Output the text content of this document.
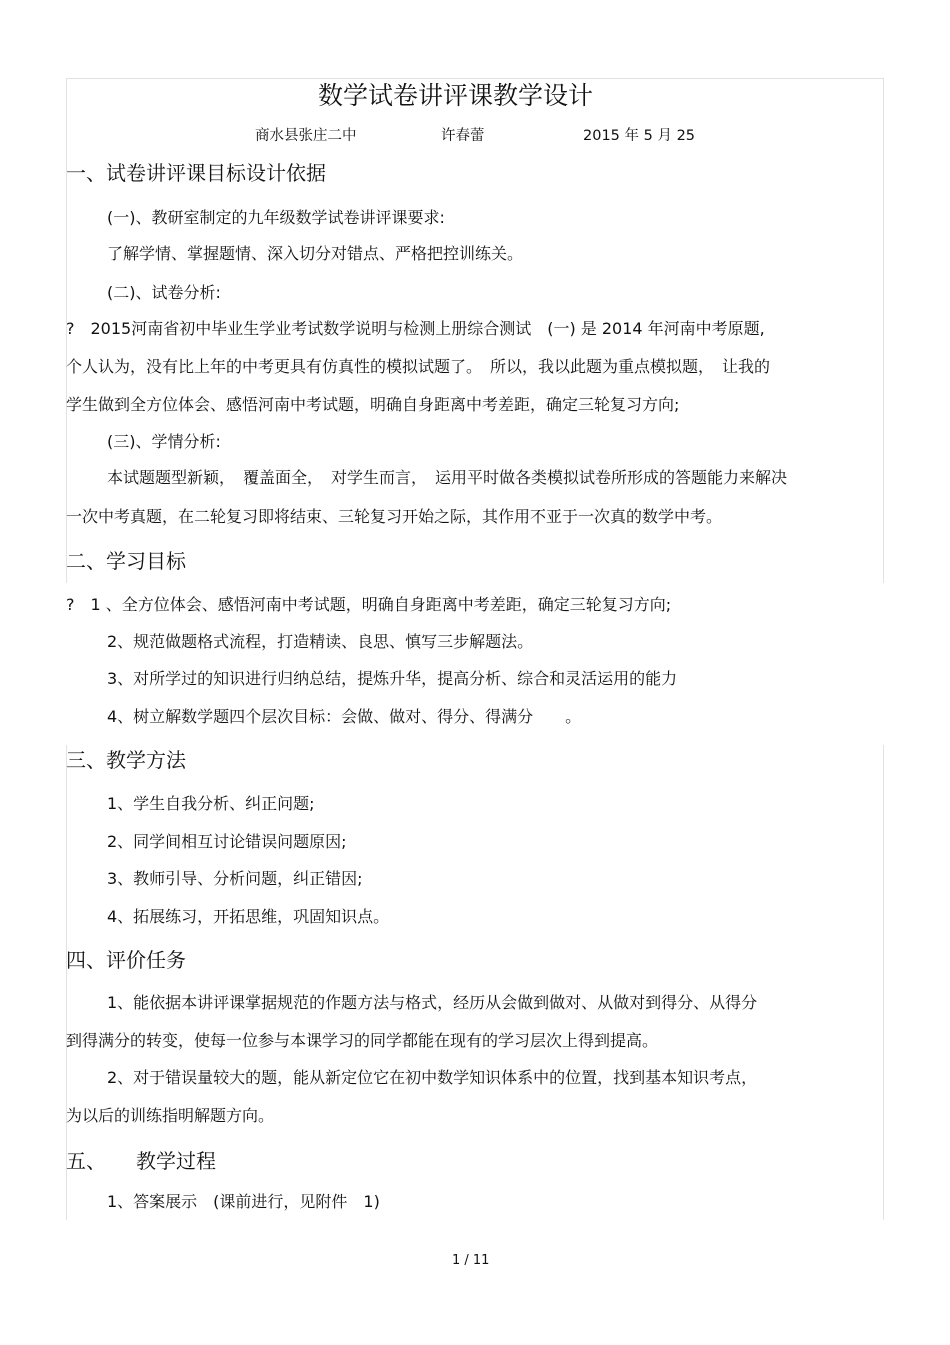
数学试卷讲评课教学设计
商水县张庄二中	许春蕾	2015 年 5 月 25
一、试卷讲评课目标设计依据
(一)、教研室制定的九年级数学试卷讲评课要求:
了解学情、掌握题情、深入切分对错点、严格把控训练关。
(二)、试卷分析:
?　2015河南省初中毕业生学业考试数学说明与检测上册综合测试　(一) 是 2014 年河南中考原题,
个人认为，没有比上年的中考更具有仿真性的模拟试题了。　所以，我以此题为重点模拟题，　让我的
学生做到全方位体会、感悟河南中考试题，明确自身距离中考差距，确定三轮复习方向;
(三)、学情分析:
本试题题型新颖，　覆盖面全，　对学生而言，　运用平时做各类模拟试卷所形成的答题能力来解决
一次中考真题，在二轮复习即将结束、三轮复习开始之际，其作用不亚于一次真的数学中考。
二、学习目标
?　1 、全方位体会、感悟河南中考试题，明确自身距离中考差距，确定三轮复习方向;
2、规范做题格式流程，打造精读、良思、慎写三步解题法。
3、对所学过的知识进行归纳总结，提炼升华，提高分析、综合和灵活运用的能力
4、树立解数学题四个层次目标：会做、做对、得分、得满分　　。
三、教学方法
1、学生自我分析、纠正问题;
2、同学间相互讨论错误问题原因;
3、教师引导、分析问题，纠正错因;
4、拓展练习，开拓思维，巩固知识点。
四、评价任务
1、能依据本讲评课掌据规范的作题方法与格式，经历从会做到做对、从做对到得分、从得分
到得满分的转变，使每一位参与本课学习的同学都能在现有的学习层次上得到提高。
2、对于错误量较大的题，能从新定位它在初中数学知识体系中的位置，找到基本知识考点，
为以后的训练指明解题方向。
五、　　教学过程
1、答案展示　(课前进行，见附件　1)
1 / 11
